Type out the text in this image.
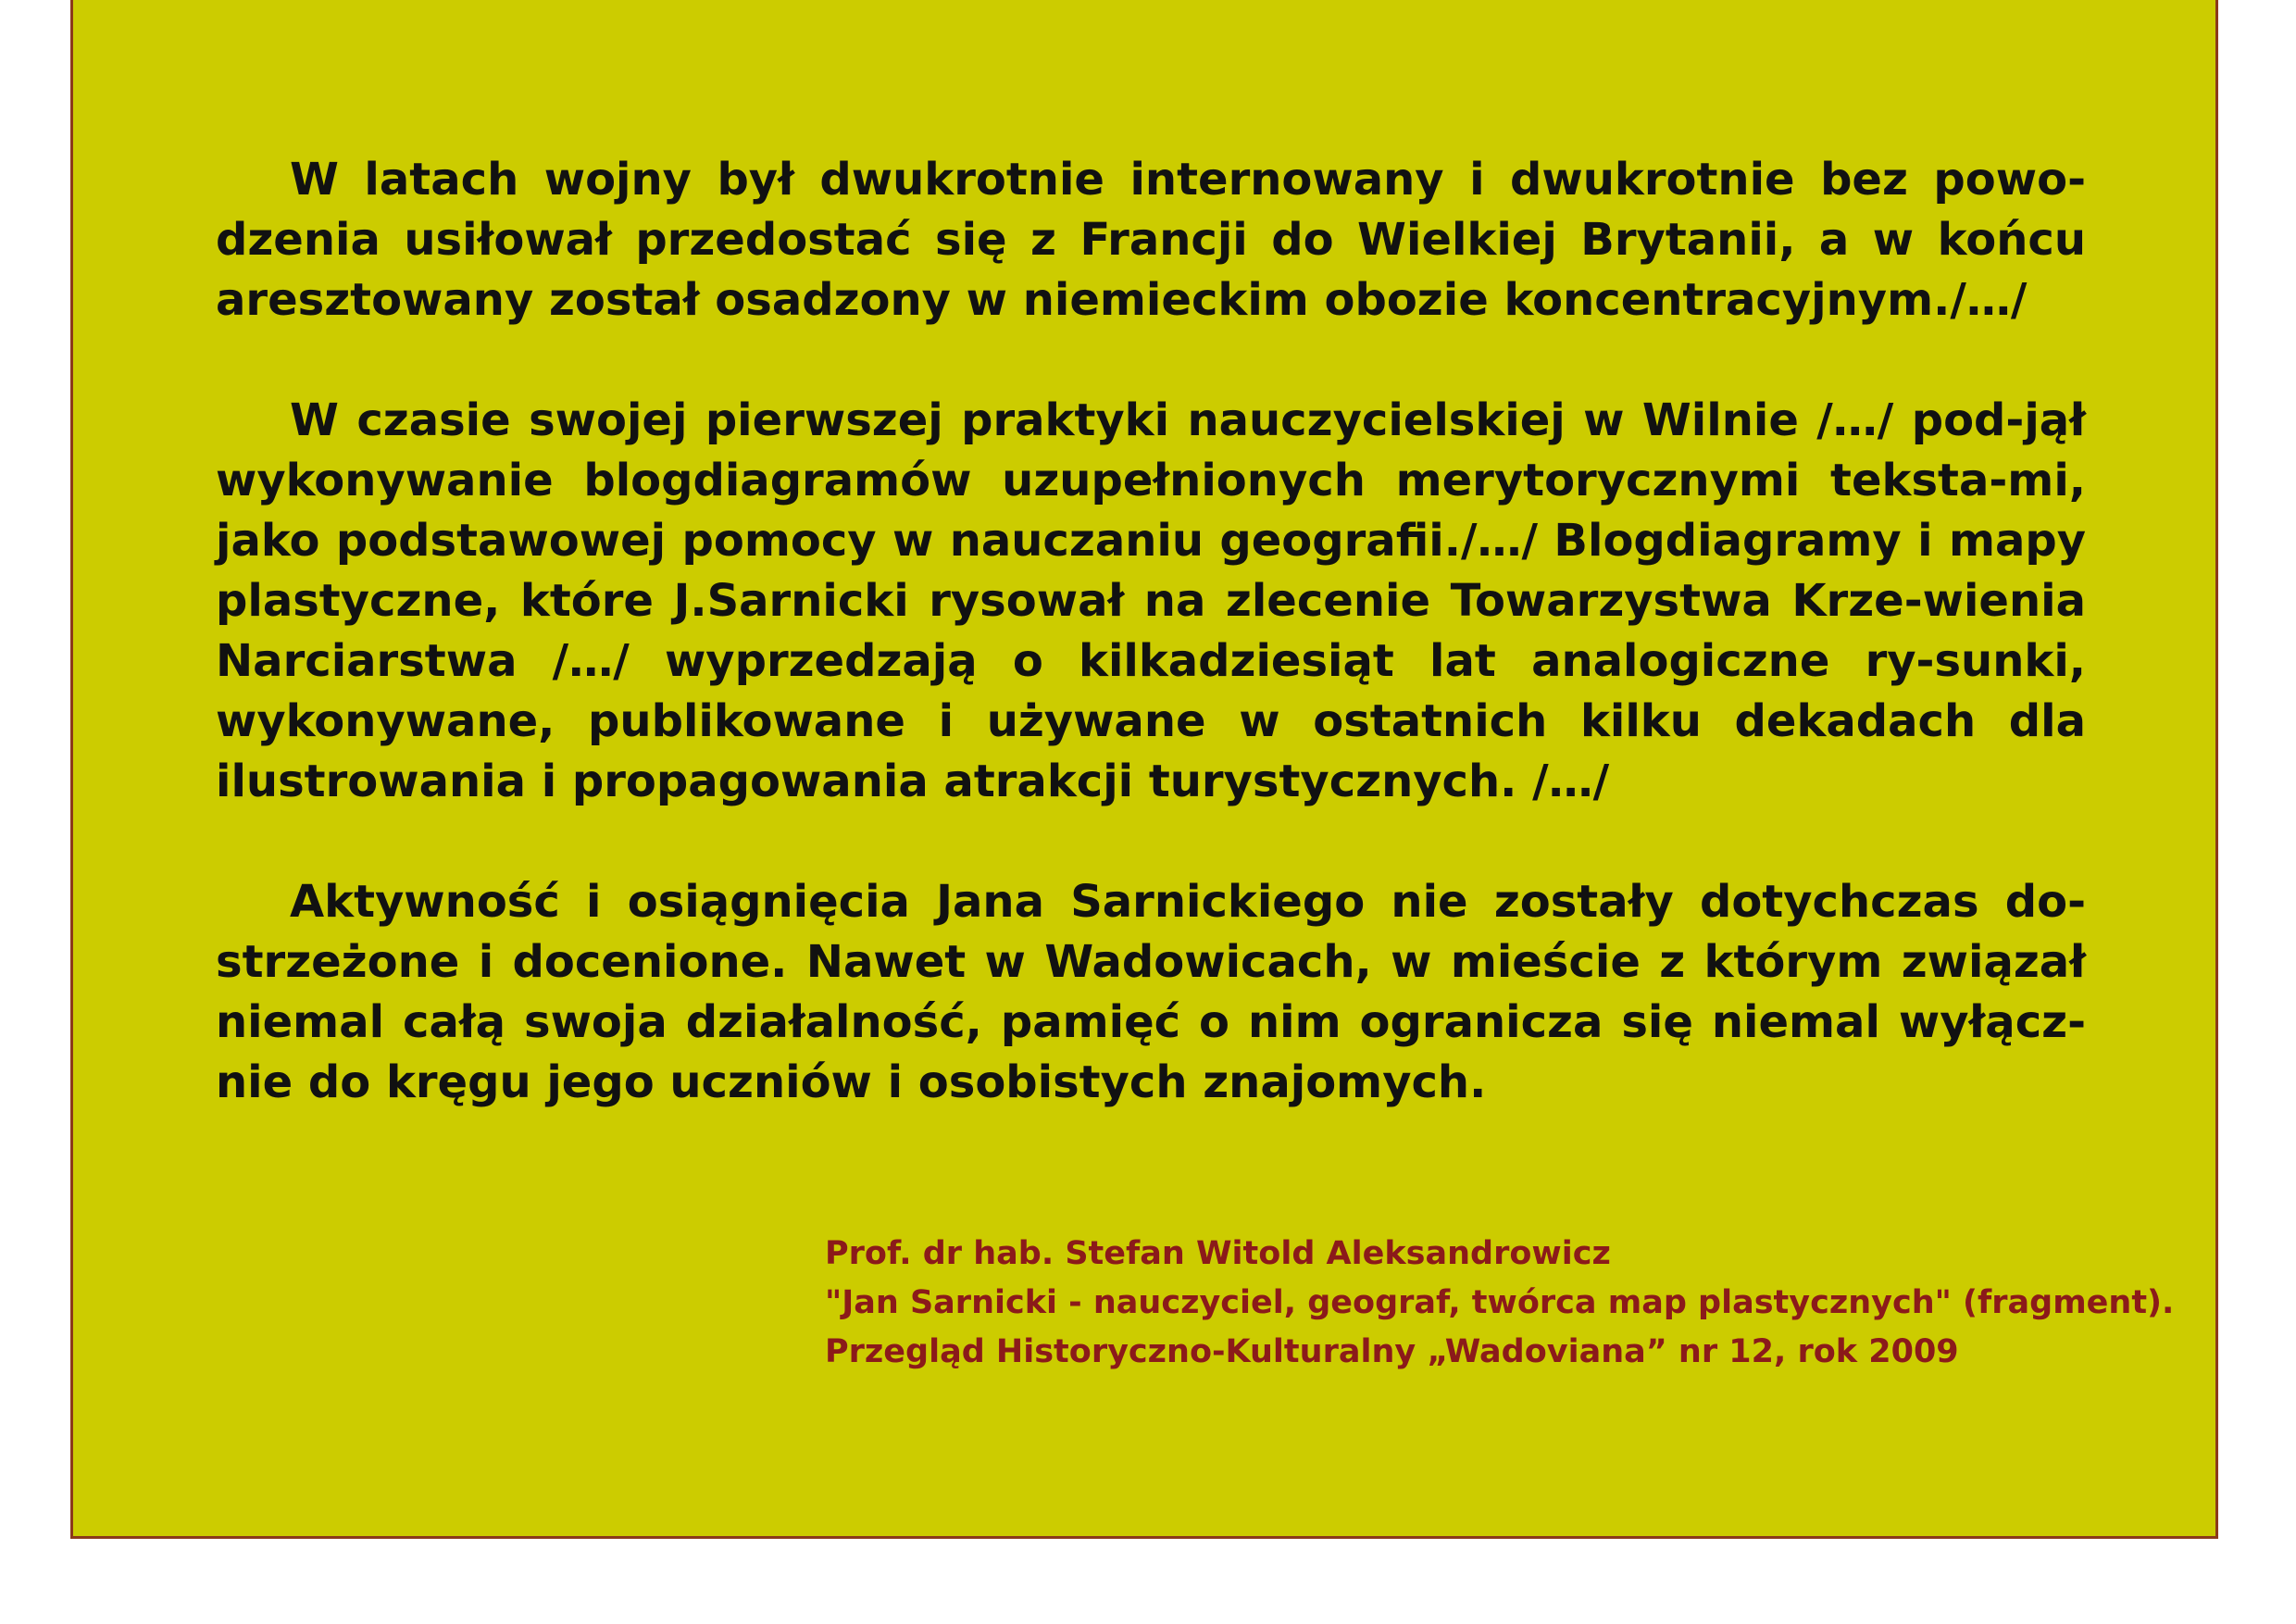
W latach wojny był dwukrotnie internowany i dwukrotnie bez powo-dzenia usiłował przedostać się z Francji do Wielkiej Brytanii, a w końcu aresztowany został osadzony w niemieckim obozie koncentracyjnym./…/

W czasie swojej pierwszej praktyki nauczycielskiej w Wilnie /…/ pod-jął wykonywanie blogdiagramów uzupełnionych merytorycznymi teksta-mi, jako podstawowej pomocy w nauczaniu geografii./…/ Blogdiagramy i mapy plastyczne, które J.Sarnicki rysował na zlecenie Towarzystwa Krze-wienia Narciarstwa /…/ wyprzedzają o kilkadziesiąt lat analogiczne ry-sunki, wykonywane, publikowane i używane w ostatnich kilku dekadach dla ilustrowania i propagowania atrakcji turystycznych. /…/

Aktywność i osiągnięcia Jana Sarnickiego nie zostały dotychczas do-strzeżone i docenione. Nawet w Wadowicach, w mieście z którym związał niemal całą swoja działalność, pamięć o nim ogranicza się niemal wyłącz-nie do kręgu jego uczniów i osobistych znajomych.

Prof. dr hab. Stefan Witold Aleksandrowicz
"Jan Sarnicki - nauczyciel, geograf, twórca map plastycznych" (fragment).
Przegląd Historyczno-Kulturalny „Wadoviana” nr 12, rok 2009
